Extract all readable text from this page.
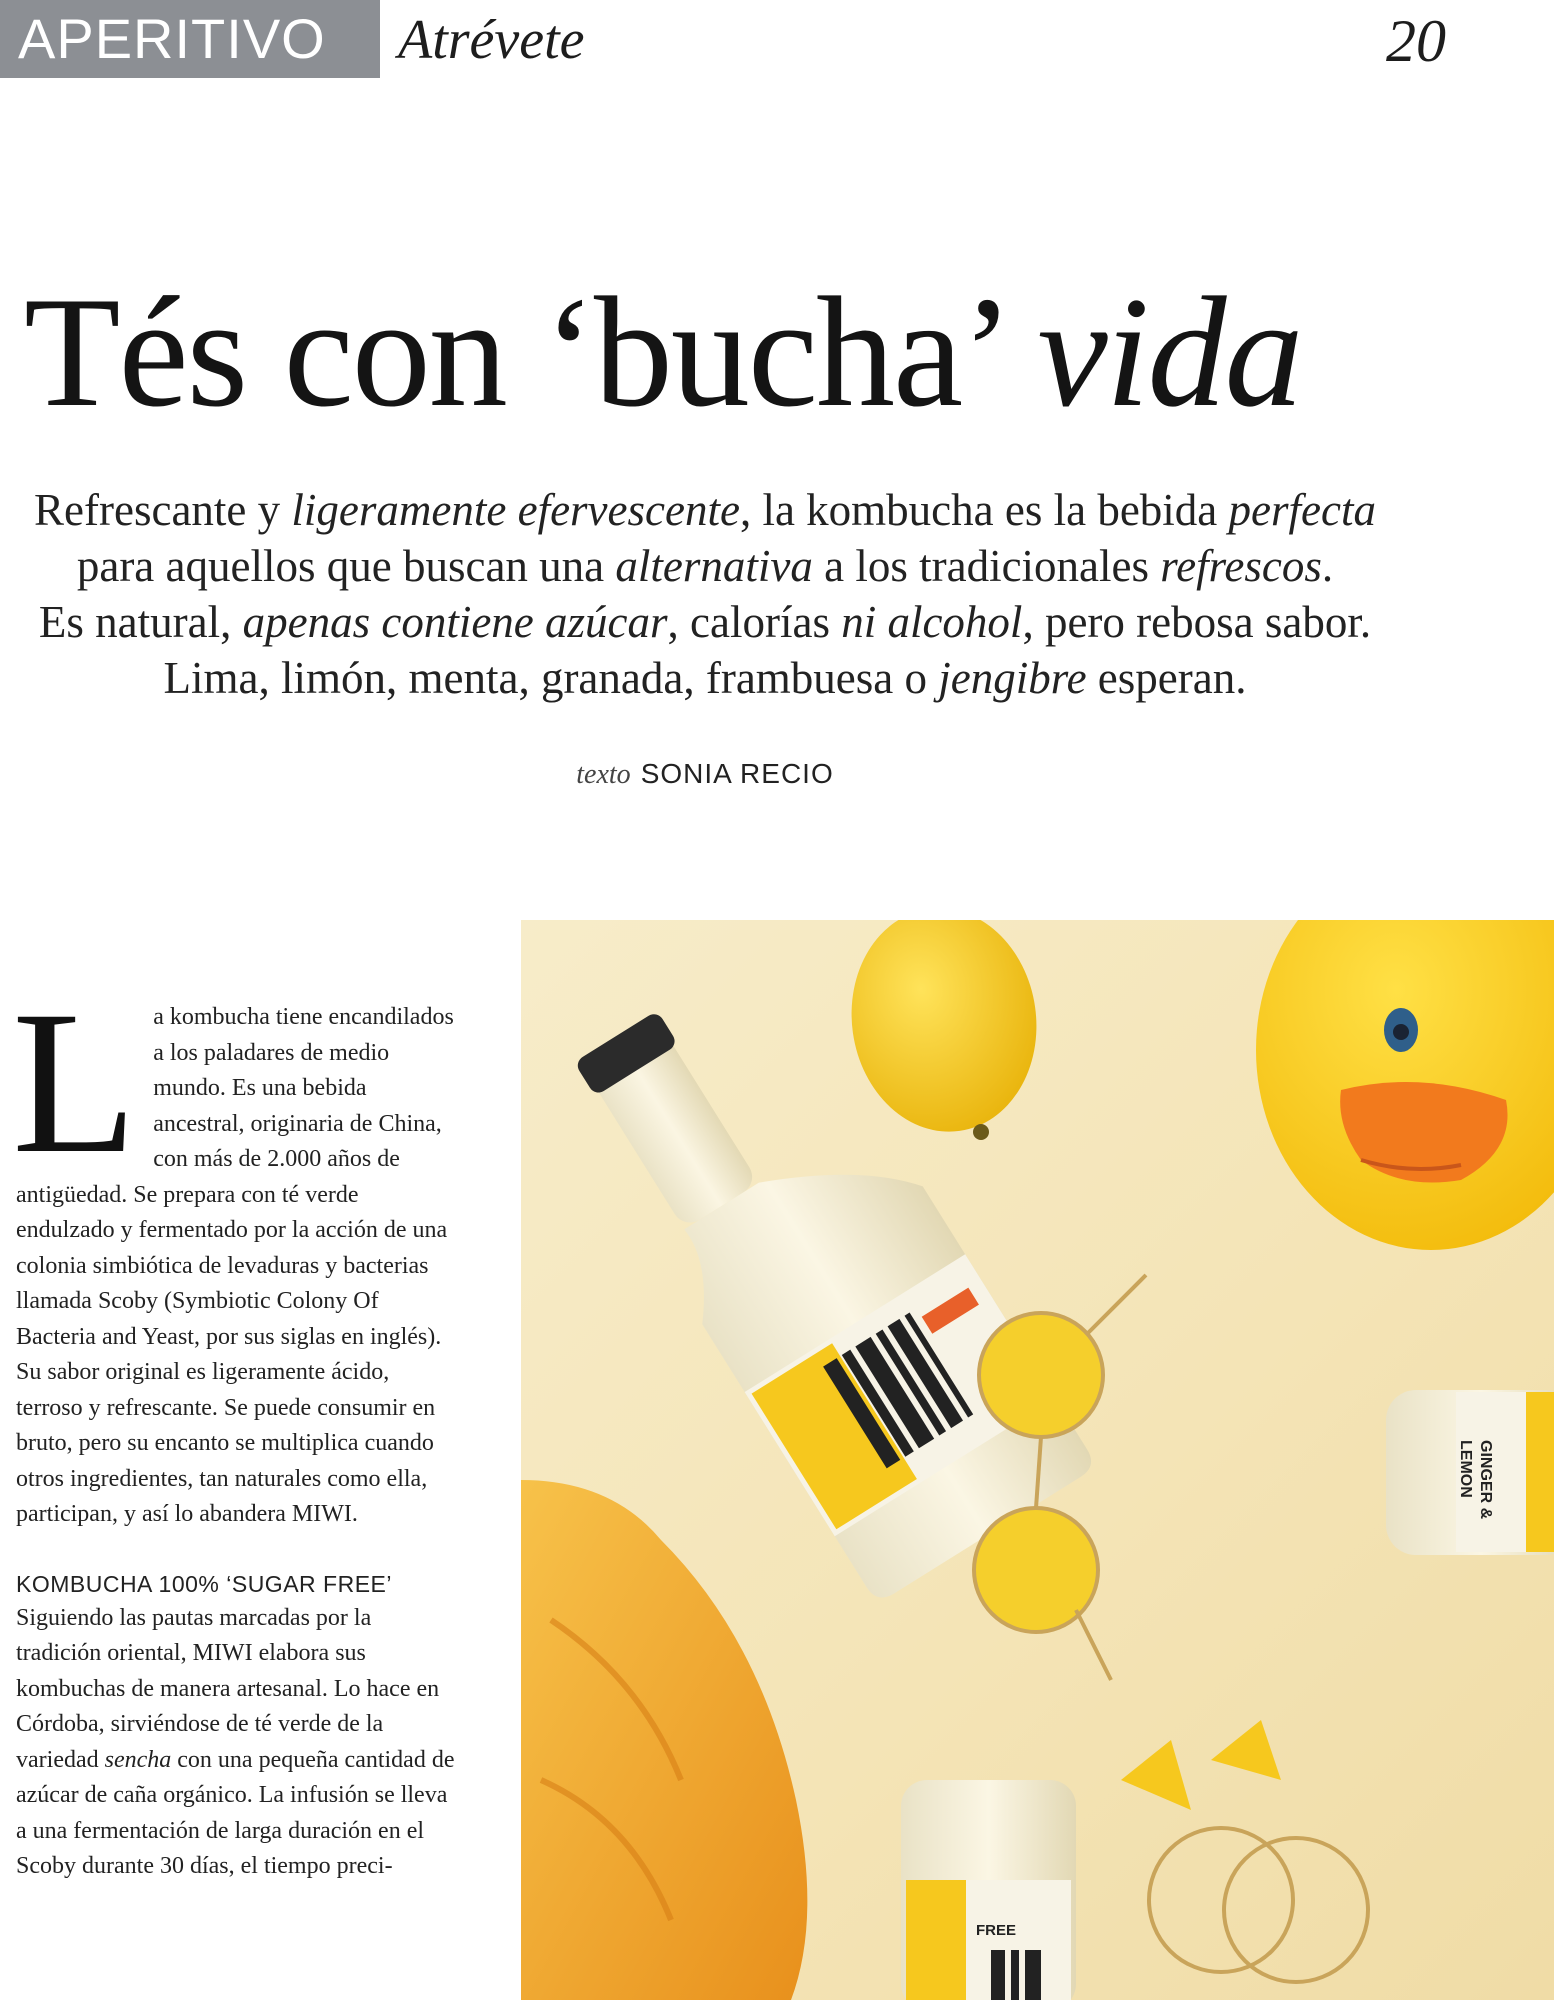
APERITIVO Atrévete	20
Tés con ‘bucha’ vida
Refrescante y ligeramente efervescente, la kombucha es la bebida perfecta
para aquellos que buscan una alternativa a los tradicionales refrescos.
Es natural, apenas contiene azúcar, calorías ni alcohol, pero rebosa sabor.
Lima, limón, menta, granada, frambuesa o jengibre esperan.
texto SONIA RECIO
L a kombucha tiene encandilados a los paladares de medio mundo. Es una bebida ancestral, originaria de China, con más de 2.000 años de antigüedad. Se prepara con té verde endulzado y fermentado por la acción de una colonia simbiótica de levaduras y bacterias llamada Scoby (Symbiotic Colony Of Bacteria and Yeast, por sus siglas en inglés). Su sabor original es ligeramente ácido, terroso y refrescante. Se puede consumir en bruto, pero su encanto se multiplica cuando otros ingredientes, tan naturales como ella, participan, y así lo abandera MIWI.

KOMBUCHA 100% ‘SUGAR FREE’

Siguiendo las pautas marcadas por la tradición oriental, MIWI elabora sus kombuchas de manera artesanal. Lo hace en Córdoba, sirviéndose de té verde de la variedad sencha con una pequeña cantidad de azúcar de caña orgánico. La infusión se lleva a una fermentación de larga duración en el Scoby durante 30 días, el tiempo preci-

GINGER &
LEMON
FREE
